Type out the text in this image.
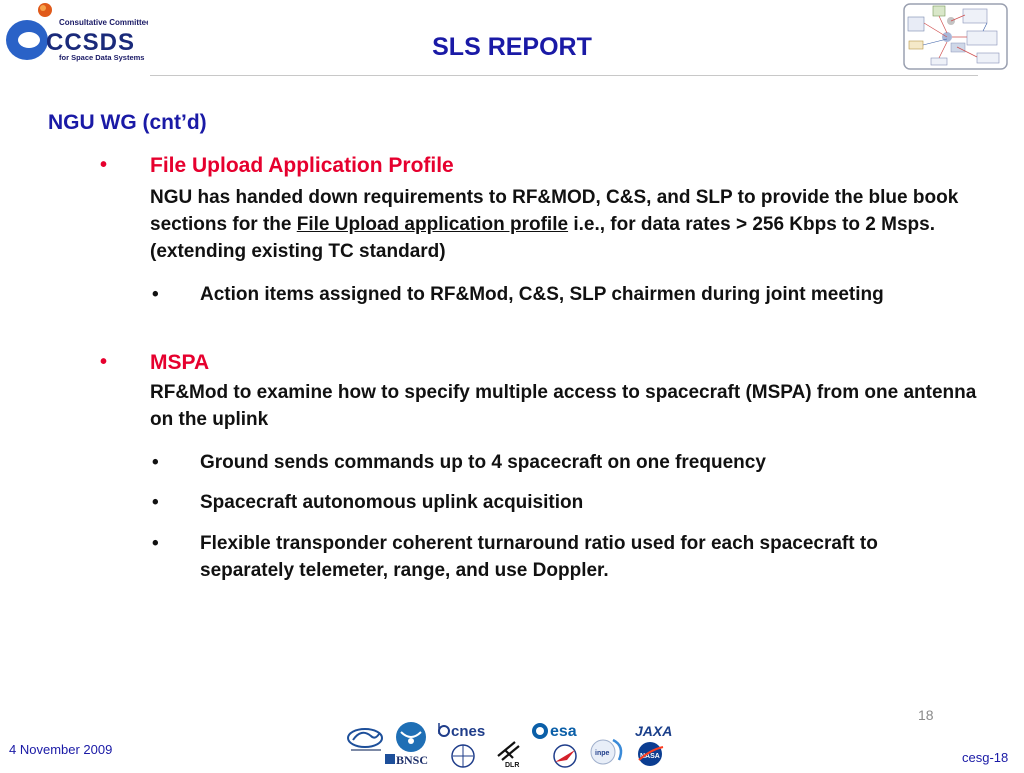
Consultative Committee
CCSDS
for Space Data Systems	SLS REPORT
NGU WG (cnt’d)
• File Upload Application Profile
NGU has handed down requirements to RF&MOD, C&S, and SLP to provide the blue book sections for the File Upload application profile i.e., for data rates > 256 Kbps to 2 Msps. (extending existing TC standard)
• Action items assigned to RF&Mod, C&S, SLP chairmen during joint meeting
• MSPA
RF&Mod to examine how to specify multiple access to spacecraft (MSPA) from one antenna on the uplink
• Ground sends commands up to 4 spacecraft on one frequency
• Spacecraft autonomous uplink acquisition
• Flexible transponder coherent turnaround ratio used for each spacecraft to separately telemeter, range, and use Doppler.
18
4 November 2009
cesg-18
cnes	esa	JAXA
BNSC	DLR
inpe	NASA
